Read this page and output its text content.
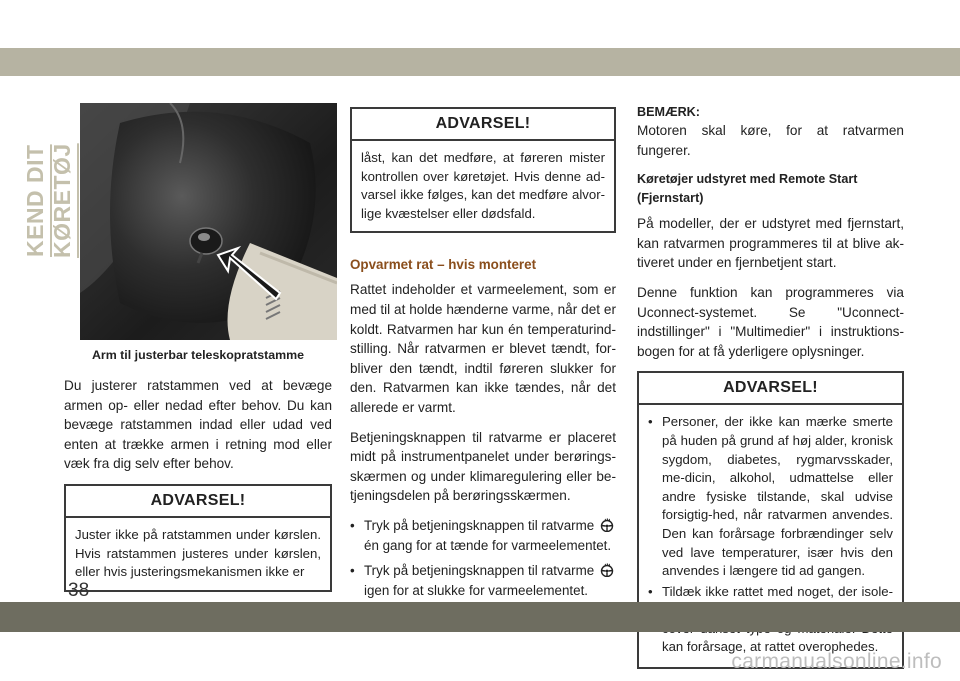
KEND DIT KØRETØJ
Arm til justerbar teleskopratstamme

Du justerer ratstammen ved at bevæge armen op- eller nedad efter behov. Du kan bevæge ratstammen indad eller udad ved enten at trække armen i retning mod eller væk fra dig selv efter behov.

ADVARSEL!

Juster ikke på ratstammen under kørslen. Hvis ratstammen justeres under kørslen, eller hvis justeringsmekanismen ikke er

ADVARSEL!

låst, kan det medføre, at føreren mister kontrollen over køretøjet. Hvis denne ad-varsel ikke følges, kan det medføre alvor-lige kvæstelser eller dødsfald.

Opvarmet rat – hvis monteret

Rattet indeholder et varmeelement, som er med til at holde hænderne varme, når det er koldt. Ratvarmen har kun én temperaturind-stilling. Når ratvarmen er blevet tændt, for-bliver den tændt, indtil føreren slukker for den. Ratvarmen kan ikke tændes, når det allerede er varmt.

Betjeningsknappen til ratvarme er placeret midt på instrumentpanelet under berørings-skærmen og under klimaregulering eller be-tjeningsdelen på berøringsskærmen.

• Tryk på betjeningsknappen til ratvarme
én gang for at tænde for varmeelementet.
• Tryk på betjeningsknappen til ratvarme
igen for at slukke for varmeelementet.
BEMÆRK:

Motoren skal køre, for at ratvarmen fungerer.

Køretøjer udstyret med Remote Start (Fjernstart)

På modeller, der er udstyret med fjernstart, kan ratvarmen programmeres til at blive ak-tiveret under en fjernbetjent start.

Denne funktion kan programmeres via Uconnect-systemet. Se "Uconnect-indstillinger" i "Multimedier" i instruktions-bogen for at få yderligere oplysninger.

ADVARSEL!
• Personer, der ikke kan mærke smerte på huden på grund af høj alder, kronisk sygdom, diabetes, rygmarvsskader, me-dicin, alkohol, udmattelse eller andre fysiske tilstande, skal udvise forsigtig-hed, når ratvarmen anvendes. Den kan forårsage forbrændinger selv ved lave temperaturer, især hvis den anvendes i længere tid ad gangen.
• Tildæk ikke rattet med noget, der isole- kan forårsage, at rattet overophedes.
38
carmanualsonline.info
